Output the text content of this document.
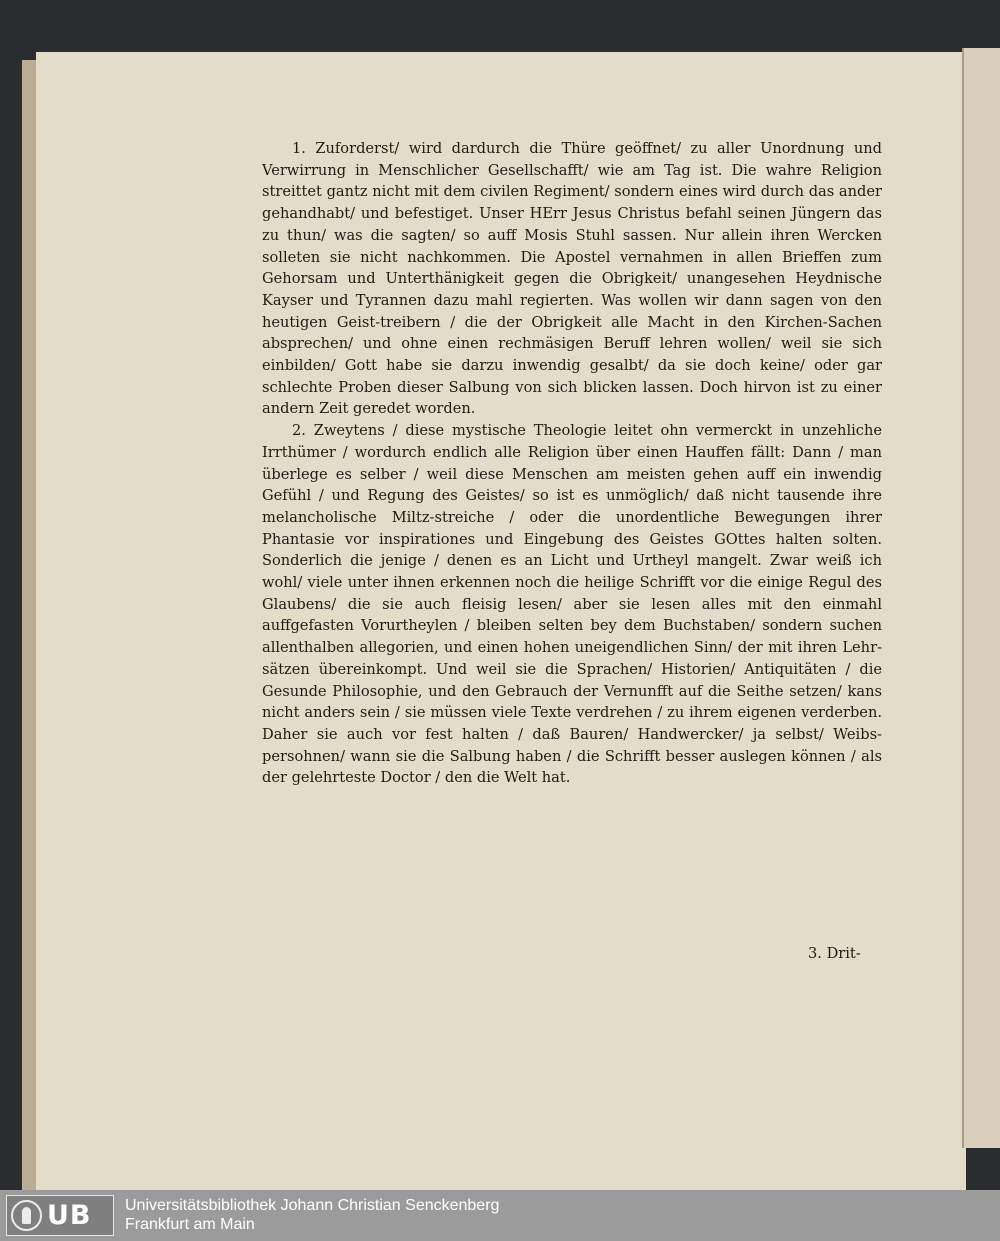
1. Zuforderst/ wird dardurch die Thüre geöffnet/ zu aller Unordnung und Verwirrung in Menschlicher Gesellschafft/ wie am Tag ist. Die wahre Religion streittet gantz nicht mit dem civilen Regiment/ sondern eines wird durch das ander gehandhabt/ und befestiget. Unser HErr Jesus Christus befahl seinen Jüngern das zu thun/ was die sagten/ so auff Mosis Stuhl sassen. Nur allein ihren Wercken solleten sie nicht nachkommen. Die Apostel vernahmen in allen Brieffen zum Gehorsam und Unterthänigkeit gegen die Obrigkeit/ unangesehen Heydnische Kayser und Tyrannen dazu mahl regierten. Was wollen wir dann sagen von den heutigen Geist-treibern / die der Obrigkeit alle Macht in den Kirchen-Sachen absprechen/ und ohne einen rechmäsigen Beruff lehren wollen/ weil sie sich einbilden/ Gott habe sie darzu inwendig gesalbt/ da sie doch keine/ oder gar schlechte Proben dieser Salbung von sich blicken lassen. Doch hirvon ist zu einer andern Zeit geredet worden.

2. Zweytens / diese mystische Theologie leitet ohn vermerckt in unzehliche Irrthümer / wordurch endlich alle Religion über einen Hauffen fällt: Dann / man überlege es selber / weil diese Menschen am meisten gehen auff ein inwendig Gefühl / und Regung des Geistes/ so ist es unmöglich/ daß nicht tausende ihre melancholische Miltz-streiche / oder die unordentliche Bewegungen ihrer Phantasie vor inspirationes und Eingebung des Geistes GOttes halten solten. Sonderlich die jenige / denen es an Licht und Urtheyl mangelt. Zwar weiß ich wohl/ viele unter ihnen erkennen noch die heilige Schrifft vor die einige Regul des Glaubens/ die sie auch fleisig lesen/ aber sie lesen alles mit den einmahl auffgefasten Vorurtheylen / bleiben selten bey dem Buchstaben/ sondern suchen allenthalben allegorien, und einen hohen uneigendlichen Sinn/ der mit ihren Lehr-sätzen übereinkompt. Und weil sie die Sprachen/ Historien/ Antiquitäten / die Gesunde Philosophie, und den Gebrauch der Vernunfft auf die Seithe setzen/ kans nicht anders sein / sie müssen viele Texte verdrehen / zu ihrem eigenen verderben. Daher sie auch vor fest halten / daß Bauren/ Handwercker/ ja selbst/ Weibs-persohnen/ wann sie die Salbung haben / die Schrifft besser auslegen können / als der gelehrteste Doctor / den die Welt hat.

3. Drit-
UB Universitätsbibliothek Johann Christian Senckenberg
Frankfurt am Main
